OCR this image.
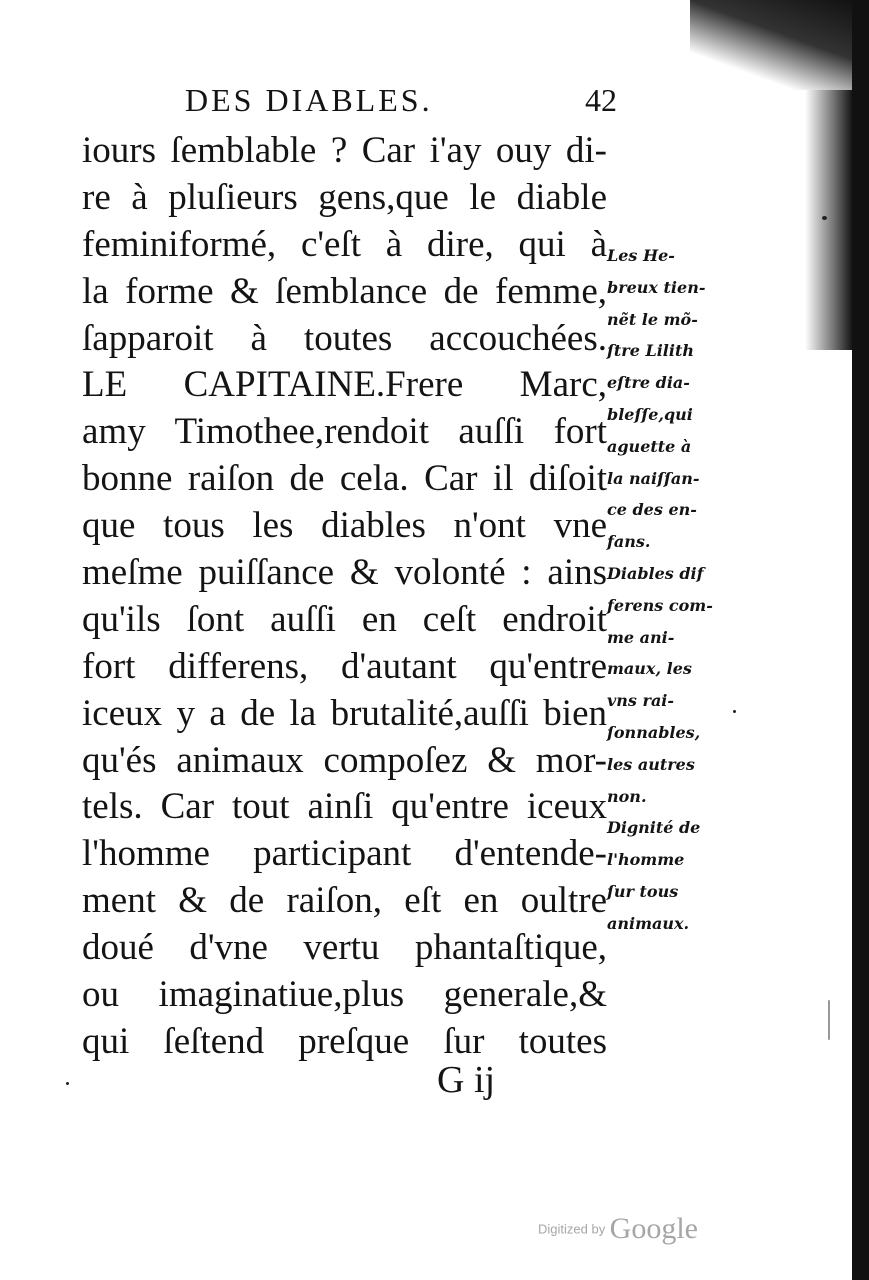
DES DIABLES.	42
iours ſemblable ? Car i'ay ouy di-
re à pluſieurs gens,que le diable
feminiformé, c'eſt à dire, qui à
la forme & ſemblance de femme,
ſapparoit à toutes accouchées.
LE CAPITAINE.Frere Marc,
amy Timothee,rendoit auſſi fort
bonne raiſon de cela. Car il diſoit
que tous les diables n'ont vne
meſme puiſſance & volonté : ains
qu'ils ſont auſſi en ceſt endroit
fort differens, d'autant qu'entre
iceux y a de la brutalité,auſſi bien
qu'és animaux compoſez & mor-
tels. Car tout ainſi qu'entre iceux
l'homme participant d'entende-
ment & de raiſon, eſt en oultre
doué d'vne vertu phantaſtique,
ou imaginatiue,plus generale,&
qui ſeſtend preſque ſur toutes
Les He-
breux tien-
nẽt le mõ-
ſtre Lilith
eſtre dia-
bleſſe,qui
aguette à
la naiſſan-
ce des en-
fans.
Diables dif
ferens com-
me ani-
maux, les
vns rai-
ſonnables,
les autres
non.
Dignité de
l'homme
ſur tous
animaux.
G ij
Digitized by Google
